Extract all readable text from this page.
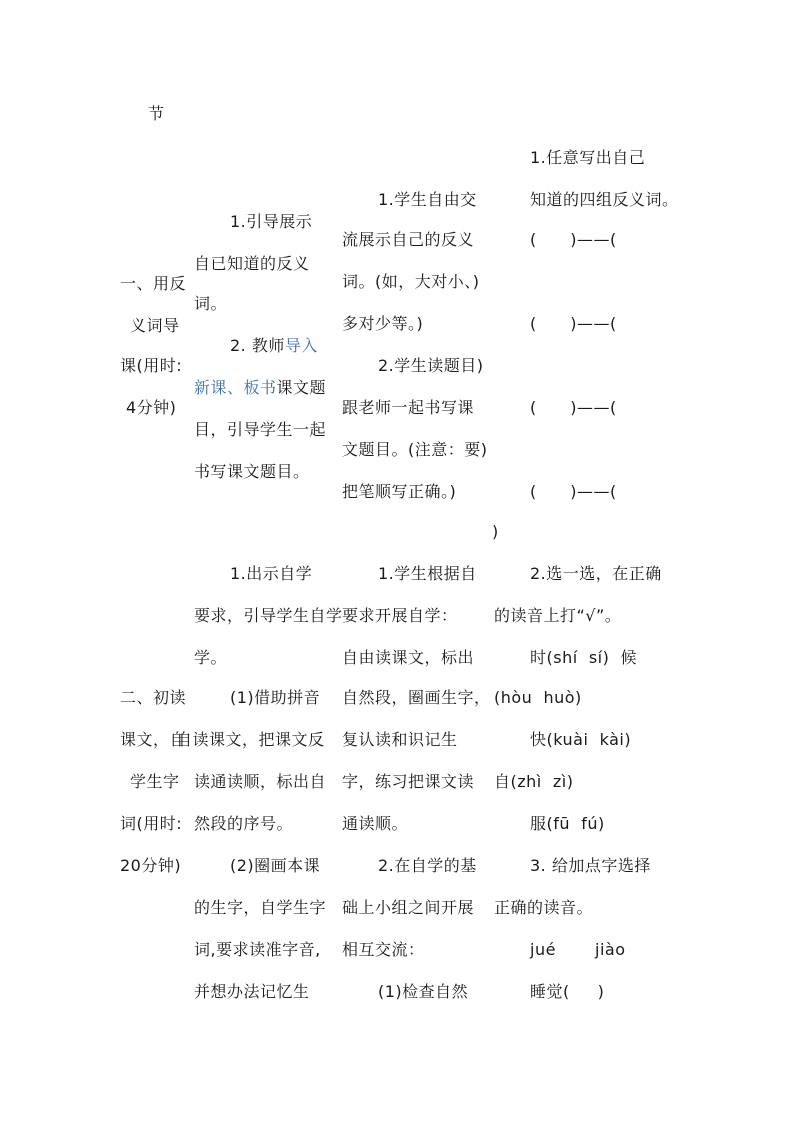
节
1.任意写出自己
知道的四组反义词。
(      )——(
(      )——(
(      )——(
(      )——(
)
1.学生自由交
流展示自己的反义
词。(如，大对小、)
多对少等。)
2.学生读题目)
跟老师一起书写课
文题目。(注意：要)
把笔顺写正确。)
1.引导展示
自已知道的反义
词。
2. 教师导入
新课、板书课文题
目，引导学生一起
书写课文题目。
一、用反
义词导
课(用时:
4分钟)
1.出示自学
要求，引导学生自学
学。
(1)借助拼音
自读课文，把课文反
读通读顺，标出自
然段的序号。
(2)圈画本课
的生字，自学生字
词,要求读准字音,
并想办法记忆生
1.学生根据自
要求开展自学：
自由读课文，标出
自然段，圈画生字，
复认读和识记生
字，练习把课文读
通读顺。
2.在自学的基
础上小组之间开展
相互交流：
(1)检查自然
2.选一选，在正确
的读音上打“√”。
时(shí  sí)  候
(hòu  huò)
快(kuài  kài)
自(zhì  zì)
服(fū  fú)
3. 给加点字选择
正确的读音。
jué       jiào
睡觉(     )
二、初读
课文，自
学生字
词(用时:
20分钟)
